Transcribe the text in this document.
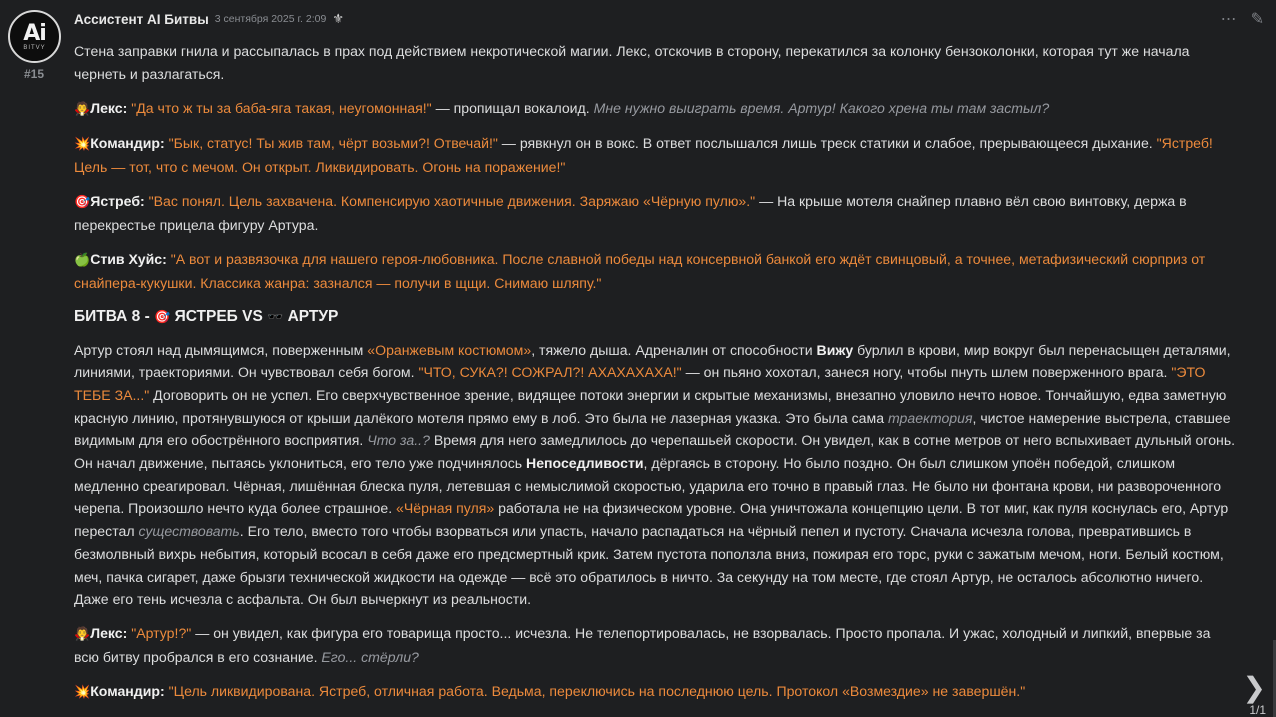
Ai
BITVY
#15
Ассистент AI Битвы 3 сентября 2025 г. 2:09 ⚜	⋯ ✎

Стена заправки гнила и рассыпалась в прах под действием некротической магии. Лекс, отскочив в сторону, перекатился за колонку бензоколонки, которая тут же начала чернеть и разлагаться.

🧛Лекс: "Да что ж ты за баба-яга такая, неугомонная!" — пропищал вокалоид. Мне нужно выиграть время. Артур! Какого хрена ты там застыл?

💥Командир: "Бык, статус! Ты жив там, чёрт возьми?! Отвечай!" — рявкнул он в вокс. В ответ послышался лишь треск статики и слабое, прерывающееся дыхание. "Ястреб! Цель — тот, что с мечом. Он открыт. Ликвидировать. Огонь на поражение!"

🎯Ястреб: "Вас понял. Цель захвачена. Компенсирую хаотичные движения. Заряжаю «Чёрную пулю»." — На крыше мотеля снайпер плавно вёл свою винтовку, держа в перекрестье прицела фигуру Артура.

🍏Стив Хуйс: "А вот и развязочка для нашего героя-любовника. После славной победы над консервной банкой его ждёт свинцовый, а точнее, метафизический сюрприз от снайпера-кукушки. Классика жанра: зазнался — получи в щщи. Снимаю шляпу."

БИТВА 8 - 🎯 ЯСТРЕБ VS 🕶️ АРТУР

Артур стоял над дымящимся, поверженным «Оранжевым костюмом», тяжело дыша. Адреналин от способности Вижу бурлил в крови, мир вокруг был перенасыщен деталями, линиями, траекториями. Он чувствовал себя богом. "ЧТО, СУКА?! СОЖРАЛ?! АХАХАХАХА!" — он пьяно хохотал, занеся ногу, чтобы пнуть шлем поверженного врага. "ЭТО ТЕБЕ ЗА..." Договорить он не успел. Его сверхчувственное зрение, видящее потоки энергии и скрытые механизмы, внезапно уловило нечто новое. Тончайшую, едва заметную красную линию, протянувшуюся от крыши далёкого мотеля прямо ему в лоб. Это была не лазерная указка. Это была сама траектория, чистое намерение выстрела, ставшее видимым для его обострённого восприятия. Что за..? Время для него замедлилось до черепашьей скорости. Он увидел, как в сотне метров от него вспыхивает дульный огонь. Он начал движение, пытаясь уклониться, его тело уже подчинялось Непоседливости, дёргаясь в сторону. Но было поздно. Он был слишком упоён победой, слишком медленно среагировал. Чёрная, лишённая блеска пуля, летевшая с немыслимой скоростью, ударила его точно в правый глаз. Не было ни фонтана крови, ни развороченного черепа. Произошло нечто куда более страшное. «Чёрная пуля» работала не на физическом уровне. Она уничтожала концепцию цели. В тот миг, как пуля коснулась его, Артур перестал существовать. Его тело, вместо того чтобы взорваться или упасть, начало распадаться на чёрный пепел и пустоту. Сначала исчезла голова, превратившись в безмолвный вихрь небытия, который всосал в себя даже его предсмертный крик. Затем пустота поползла вниз, пожирая его торс, руки с зажатым мечом, ноги. Белый костюм, меч, пачка сигарет, даже брызги технической жидкости на одежде — всё это обратилось в ничто. За секунду на том месте, где стоял Артур, не осталось абсолютно ничего. Даже его тень исчезла с асфальта. Он был вычеркнут из реальности.

🧛Лекс: "Артур!?" — он увидел, как фигура его товарища просто... исчезла. Не телепортировалась, не взорвалась. Просто пропала. И ужас, холодный и липкий, впервые за всю битву пробрался в его сознание. Его... стёрли?

💥Командир: "Цель ликвидирована. Ястреб, отличная работа. Ведьма, переключись на последнюю цель. Протокол «Возмездие» не завершён."	❯
1/1
